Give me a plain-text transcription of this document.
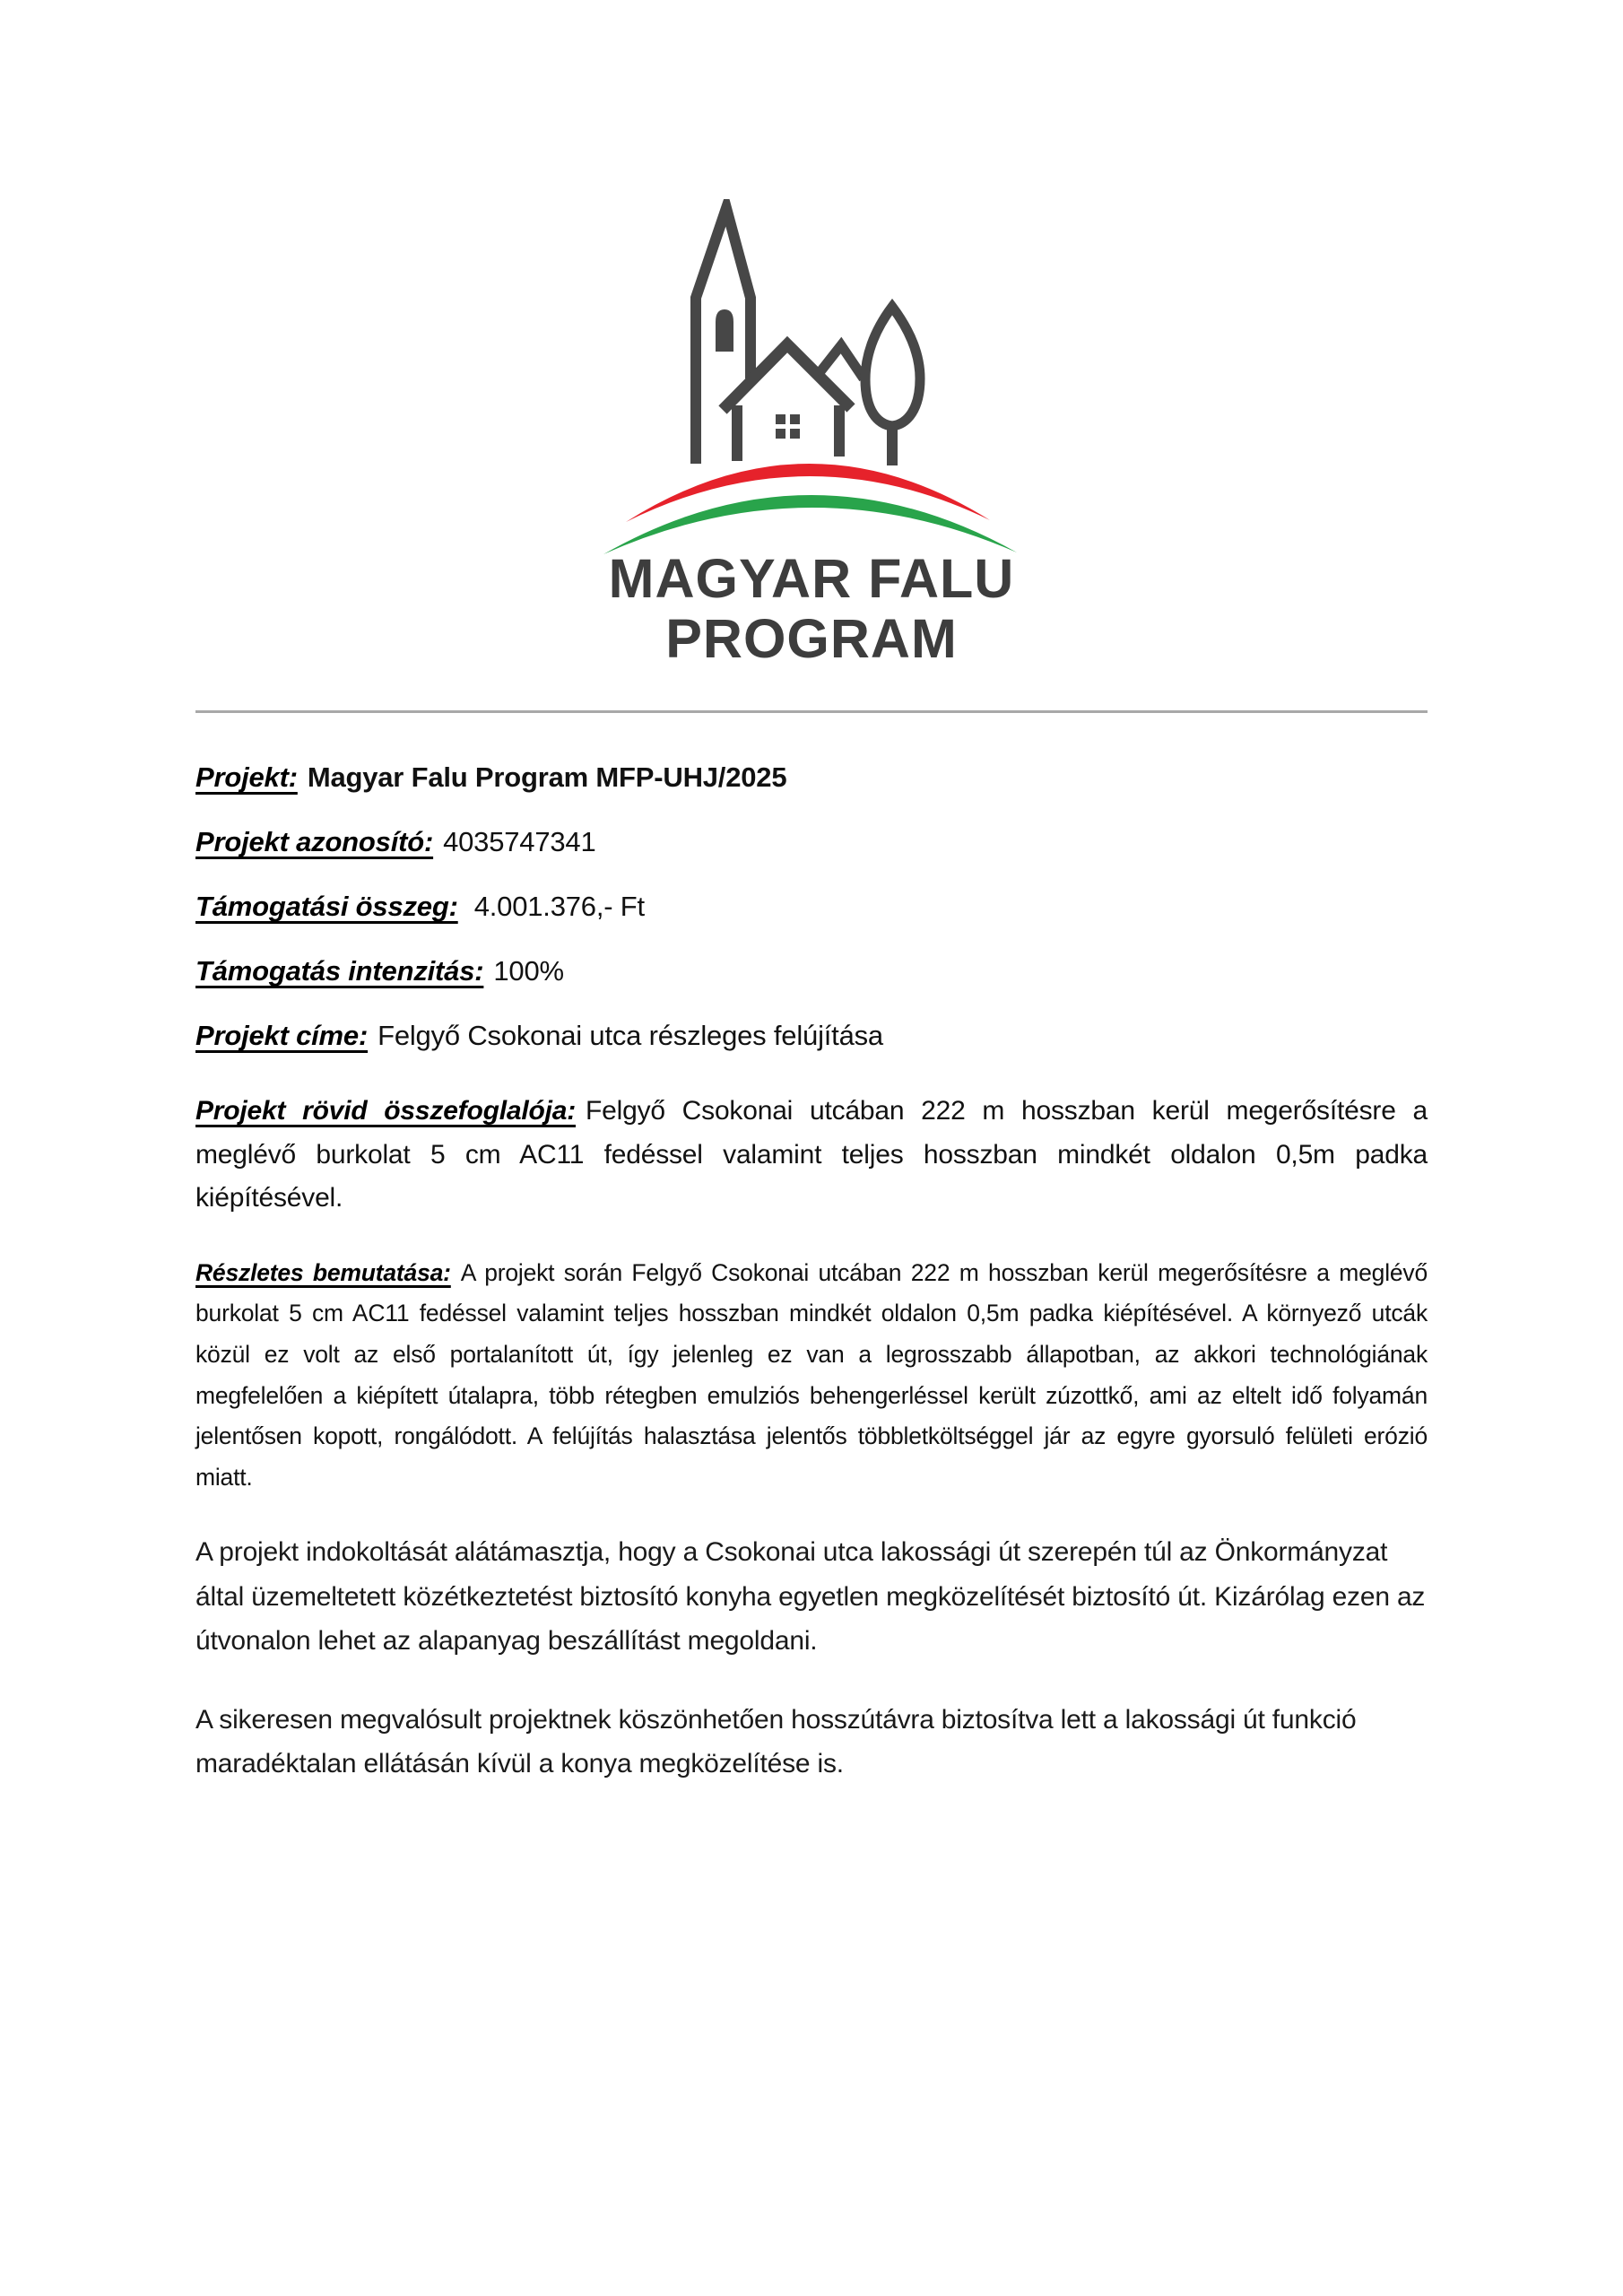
MAGYAR FALU
PROGRAM

Projekt: Magyar Falu Program MFP-UHJ/2025

Projekt azonosító: 4035747341

Támogatási összeg: 4.001.376,- Ft

Támogatás intenzitás: 100%

Projekt címe: Felgyő Csokonai utca részleges felújítása

Projekt rövid összefoglalója: Felgyő Csokonai utcában 222 m hosszban kerül megerősítésre a meglévő burkolat 5 cm AC11 fedéssel valamint teljes hosszban mindkét oldalon 0,5m padka kiépítésével.

Részletes bemutatása: A projekt során Felgyő Csokonai utcában 222 m hosszban kerül megerősítésre a meglévő burkolat 5 cm AC11 fedéssel valamint teljes hosszban mindkét oldalon 0,5m padka kiépítésével. A környező utcák közül ez volt az első portalanított út, így jelenleg ez van a legrosszabb állapotban, az akkori technológiának megfelelően a kiépített útalapra, több rétegben emulziós behengerléssel került zúzottkő, ami az eltelt idő folyamán jelentősen kopott, rongálódott. A felújítás halasztása jelentős többletköltséggel jár az egyre gyorsuló felületi erózió miatt.

A projekt indokoltását alátámasztja, hogy a Csokonai utca lakossági út szerepén túl az Önkormányzat által üzemeltetett közétkeztetést biztosító konyha egyetlen megközelítését biztosító út. Kizárólag ezen az útvonalon lehet az alapanyag beszállítást megoldani.

A sikeresen megvalósult projektnek köszönhetően hosszútávra biztosítva lett a lakossági út funkció maradéktalan ellátásán kívül a konya megközelítése is.
